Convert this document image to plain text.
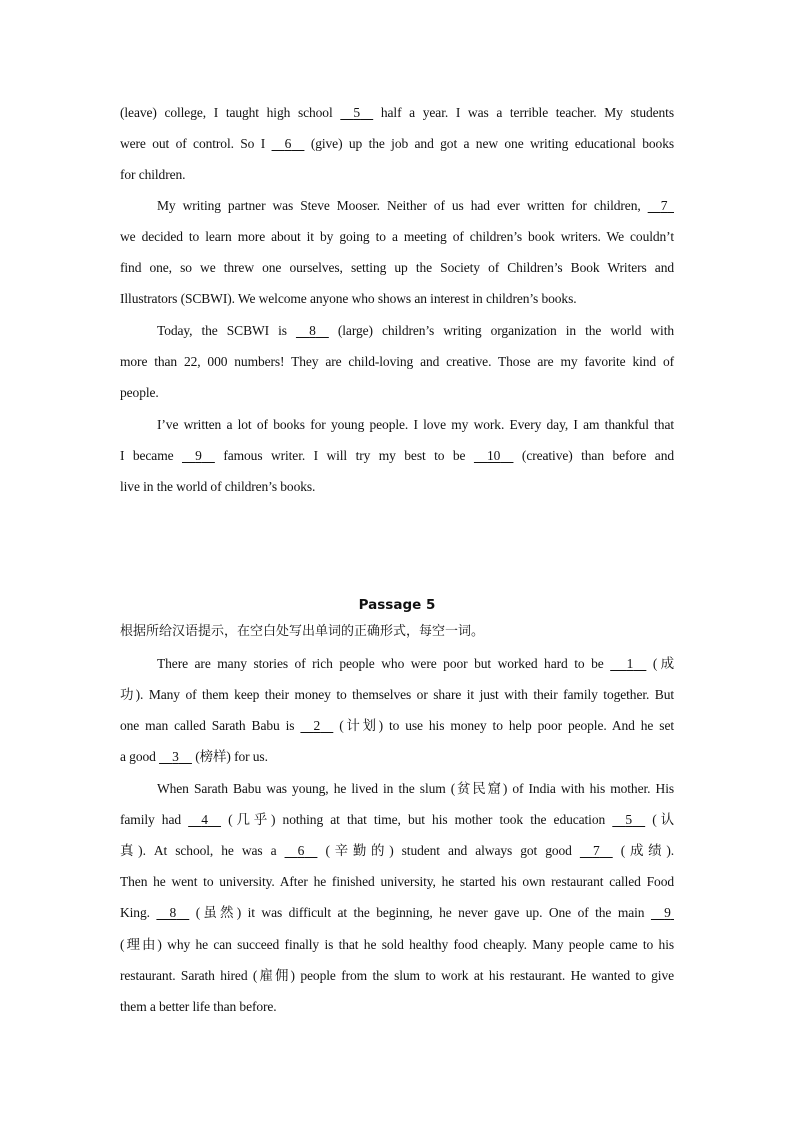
(leave) college, I taught high school     5     half a year. I was a terrible teacher. My students
were out of control. So I     6     (give) up the job and got a new one writing educational books
for children.
My writing partner was Steve Mooser. Neither of us had ever written for children,     7
we decided to learn more about it by going to a meeting of children’s book writers. We couldn’t
find one, so we threw one ourselves, setting up the Society of Children’s Book Writers and
Illustrators (SCBWI). We welcome anyone who shows an interest in children’s books.
Today, the SCBWI is     8     (large) children’s writing organization in the world with
more than 22, 000 numbers! They are child-loving and creative. Those are my favorite kind of
people.
I’ve written a lot of books for young people. I love my work. Every day, I am thankful that
I became     9     famous writer. I will try my best to be     10     (creative) than before and
live in the world of children’s books.
Passage 5
根据所给汉语提示，在空白处写出单词的正确形式，每空一词。
There are many stories of rich people who were poor but worked hard to be      1     (成
功). Many of them keep their money to themselves or share it just with their family together. But
one man called Sarath Babu is     2     (计划) to use his money to help poor people. And he set
a good     3     (榜样) for us.
When Sarath Babu was young, he lived in the slum (贫民窟) of India with his mother. His
family had     4     (几乎) nothing at that time, but his mother took the education     5     (认
真). At school, he was a     6     (辛勤的) student and always got good     7     (成绩).
Then he went to university. After he finished university, he started his own restaurant called Food
King.     8     (虽然) it was difficult at the beginning, he never gave up. One of the main     9
(理由) why he can succeed finally is that he sold healthy food cheaply. Many people came to his
restaurant. Sarath hired (雇佣) people from the slum to work at his restaurant. He wanted to give
them a better life than before.
